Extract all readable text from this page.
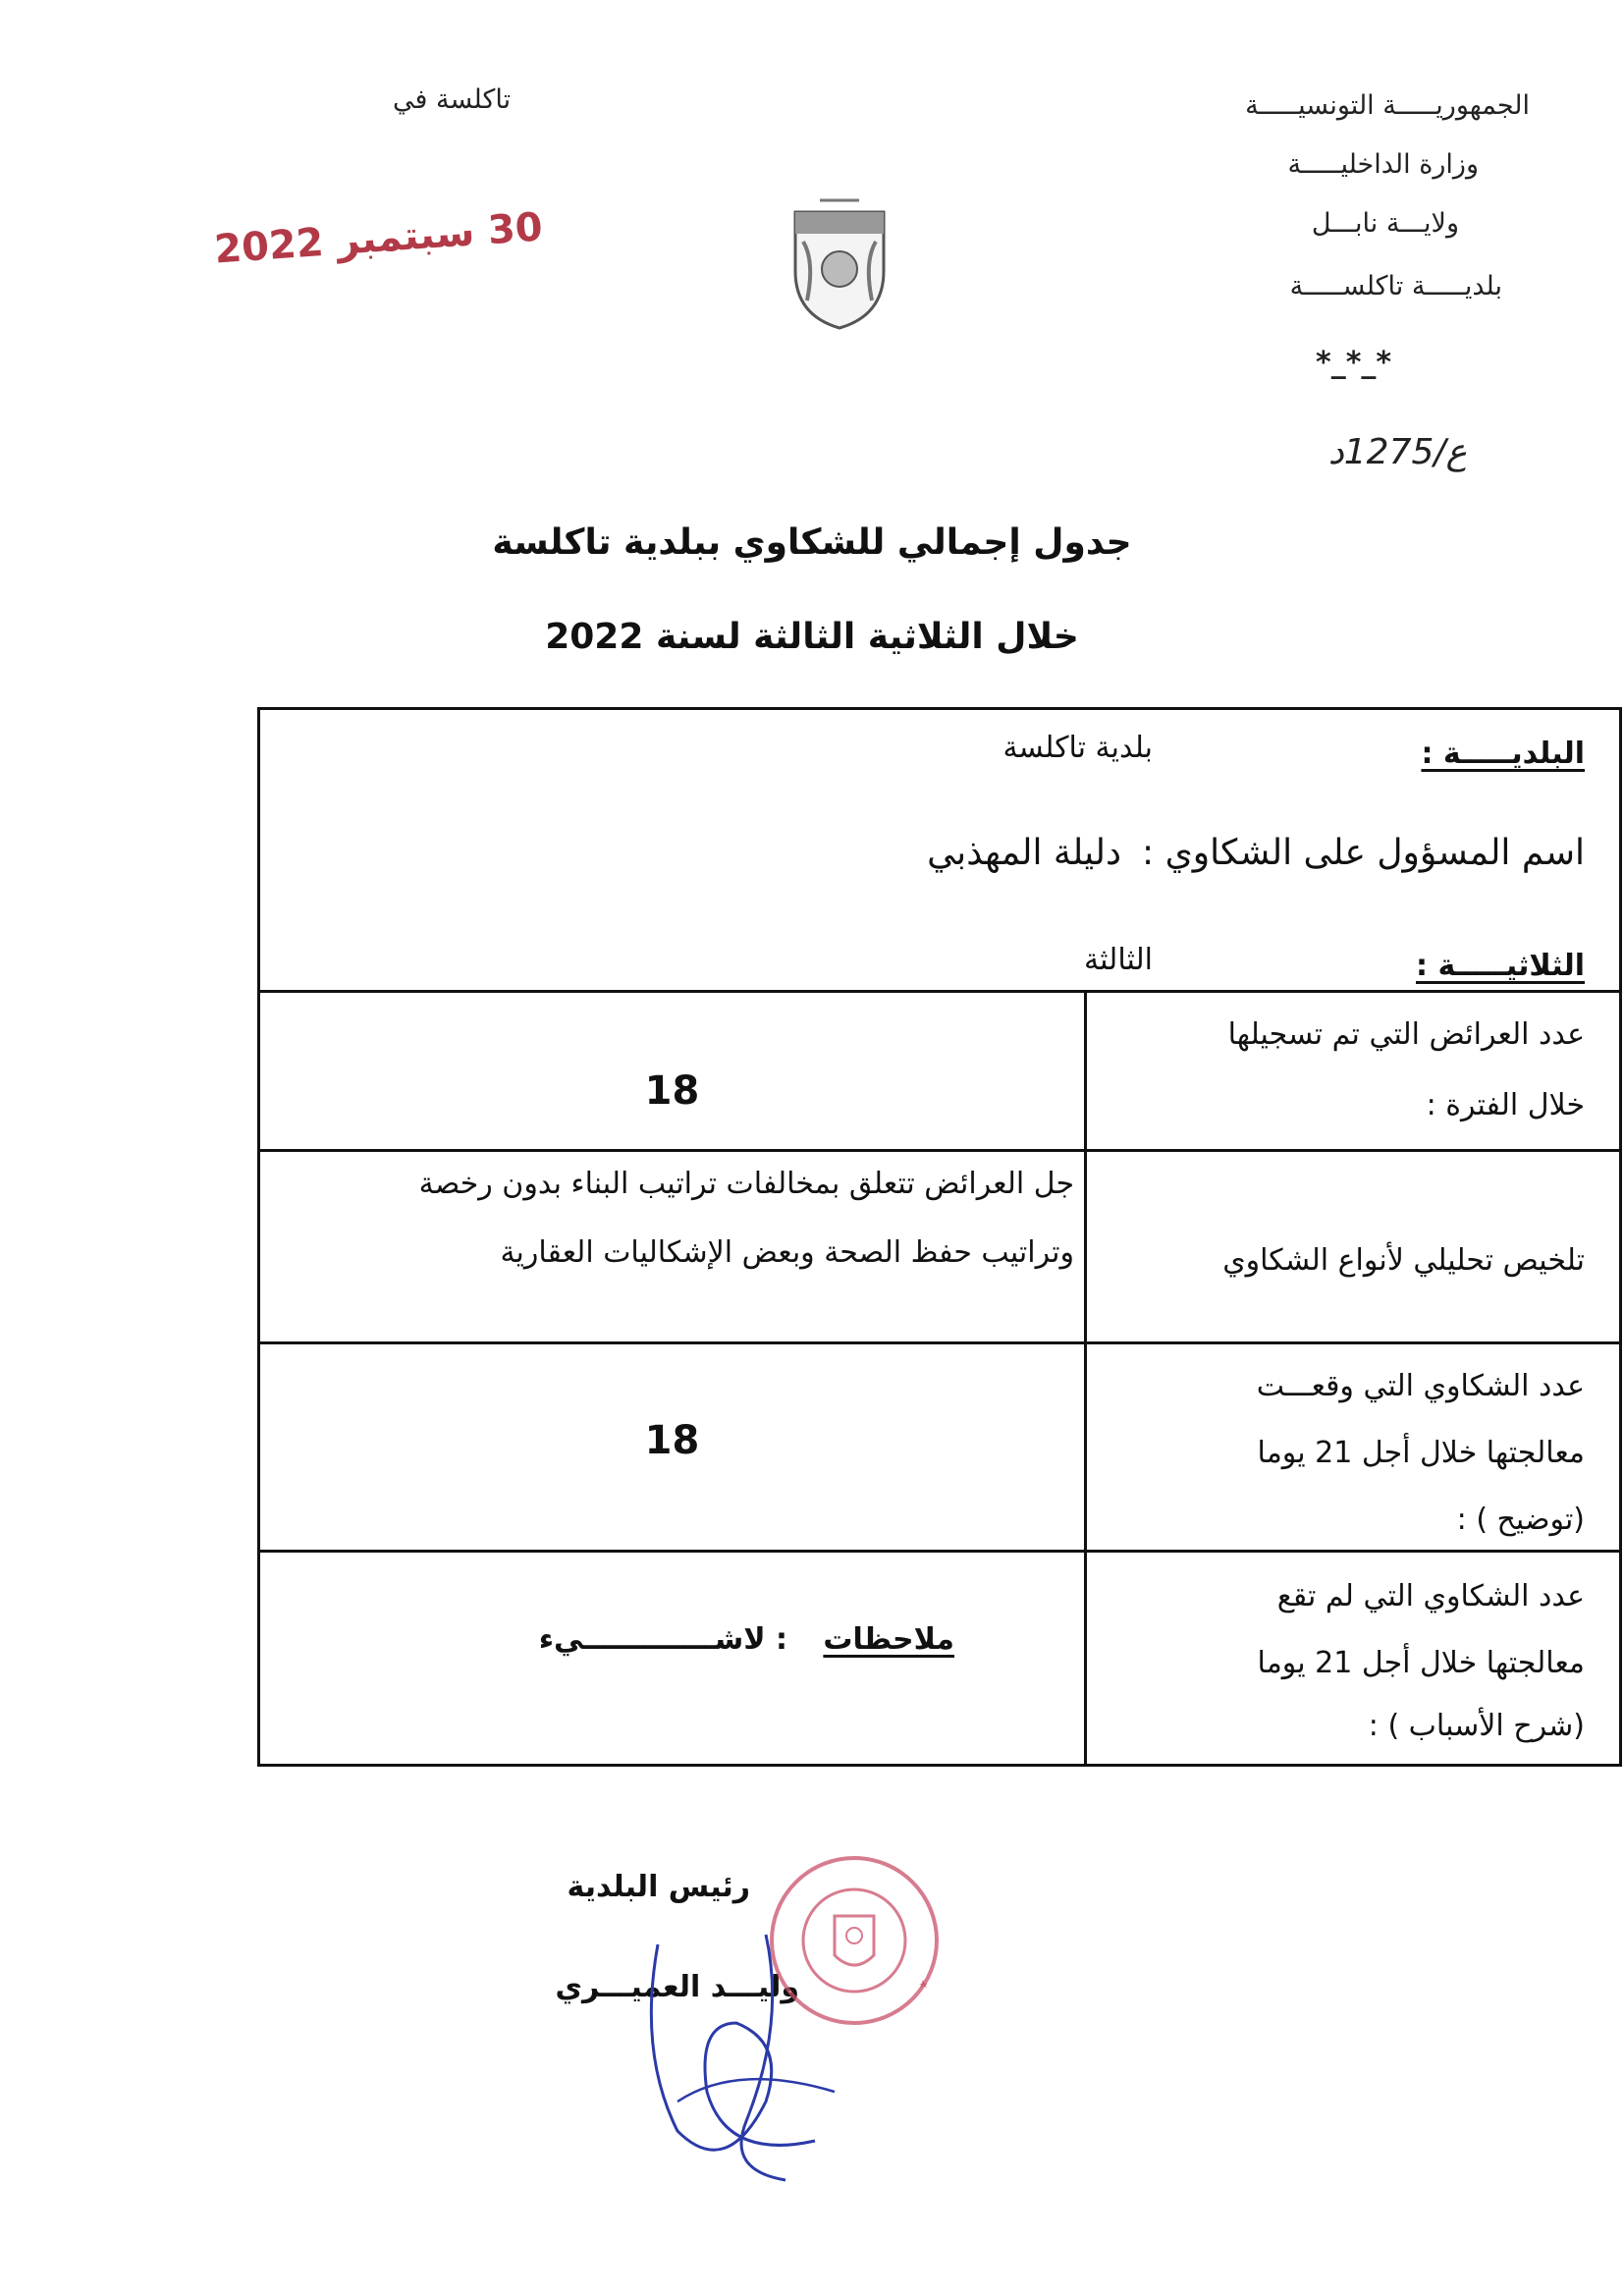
الجمهوريـــــة التونسيـــــة
وزارة الداخليـــــة
ولايـــة نابـــل
بلديـــــة تاكلســـــة
*_*_*
ع/1275د
تاكلسة في
30 سبتمبر 2022
جدول إجمالي للشكاوي ببلدية تاكلسة
خلال الثلاثية الثالثة لسنة 2022
البلديـــــة :
بلدية تاكلسة
اسم المسؤول على الشكاوي :
دليلة المهذبي
الثلاثيـــــة :
الثالثة
عدد العرائض التي تم تسجيلها
خلال الفترة :
18
تلخيص تحليلي لأنواع الشكاوي
جل العرائض تتعلق بمخالفات تراتيب البناء بدون رخصة
وتراتيب حفظ الصحة وبعض الإشكاليات العقارية
عدد الشكاوي التي وقعـــت
معالجتها خلال أجل 21 يوما
(توضيح ) :
18
عدد الشكاوي التي لم تقع
معالجتها خلال أجل 21 يوما
(شرح الأسباب ) :
ملاحظات
: لاشـــــــــــــيء
رئيس البلدية
وليـــد العميـــري
